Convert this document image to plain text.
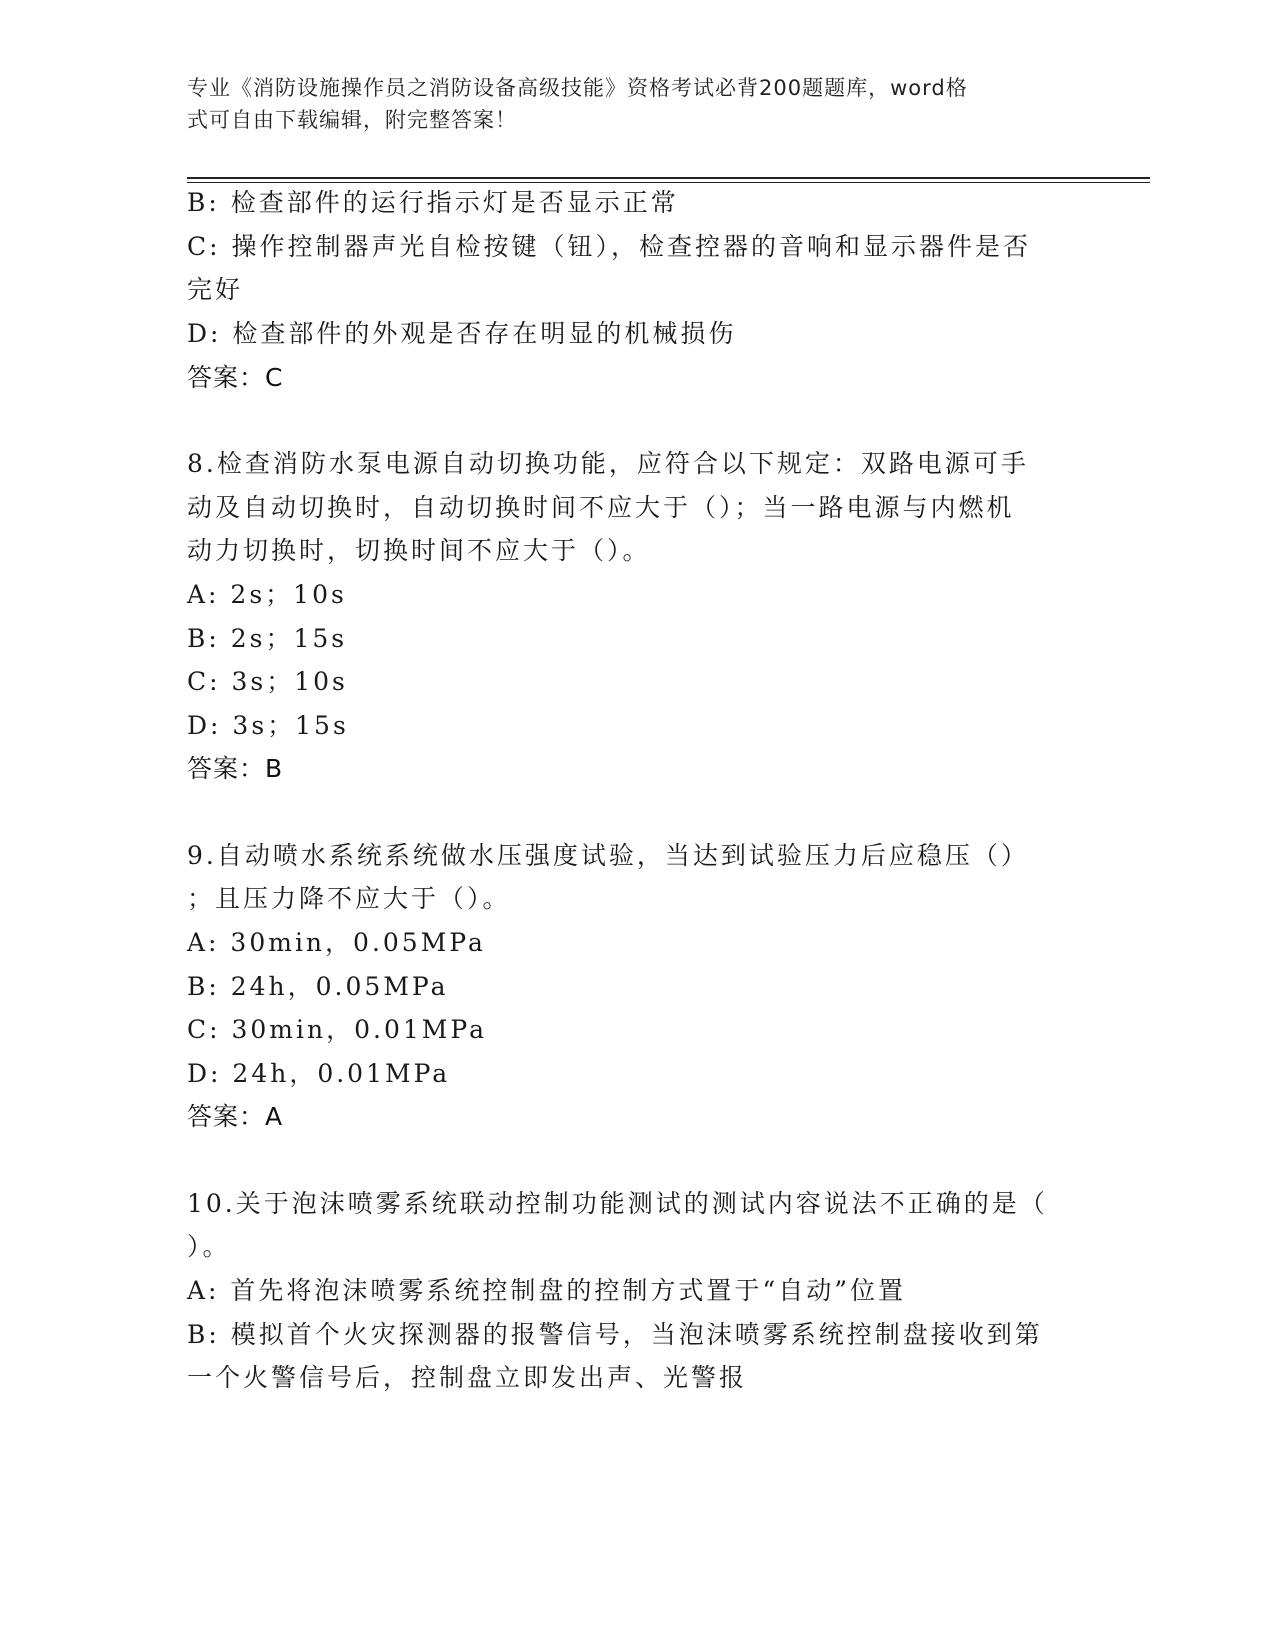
专业《消防设施操作员之消防设备高级技能》资格考试必背200题题库，word格
式可自由下载编辑，附完整答案！
B: 检查部件的运行指示灯是否显示正常
C: 操作控制器声光自检按键（钮），检查控器的音响和显示器件是否
完好
D: 检查部件的外观是否存在明显的机械损伤
答案：C
8.检查消防水泵电源自动切换功能，应符合以下规定：双路电源可手
动及自动切换时，自动切换时间不应大于（）；当一路电源与内燃机
动力切换时，切换时间不应大于（）。
A: 2s；10s
B: 2s；15s
C: 3s；10s
D: 3s；15s
答案：B
9.自动喷水系统系统做水压强度试验，当达到试验压力后应稳压（）
；且压力降不应大于（）。
A: 30min，0.05MPa
B: 24h，0.05MPa
C: 30min，0.01MPa
D: 24h，0.01MPa
答案：A
10.关于泡沫喷雾系统联动控制功能测试的测试内容说法不正确的是（
）。
A: 首先将泡沫喷雾系统控制盘的控制方式置于“自动”位置
B: 模拟首个火灾探测器的报警信号，当泡沫喷雾系统控制盘接收到第
一个火警信号后，控制盘立即发出声、光警报
